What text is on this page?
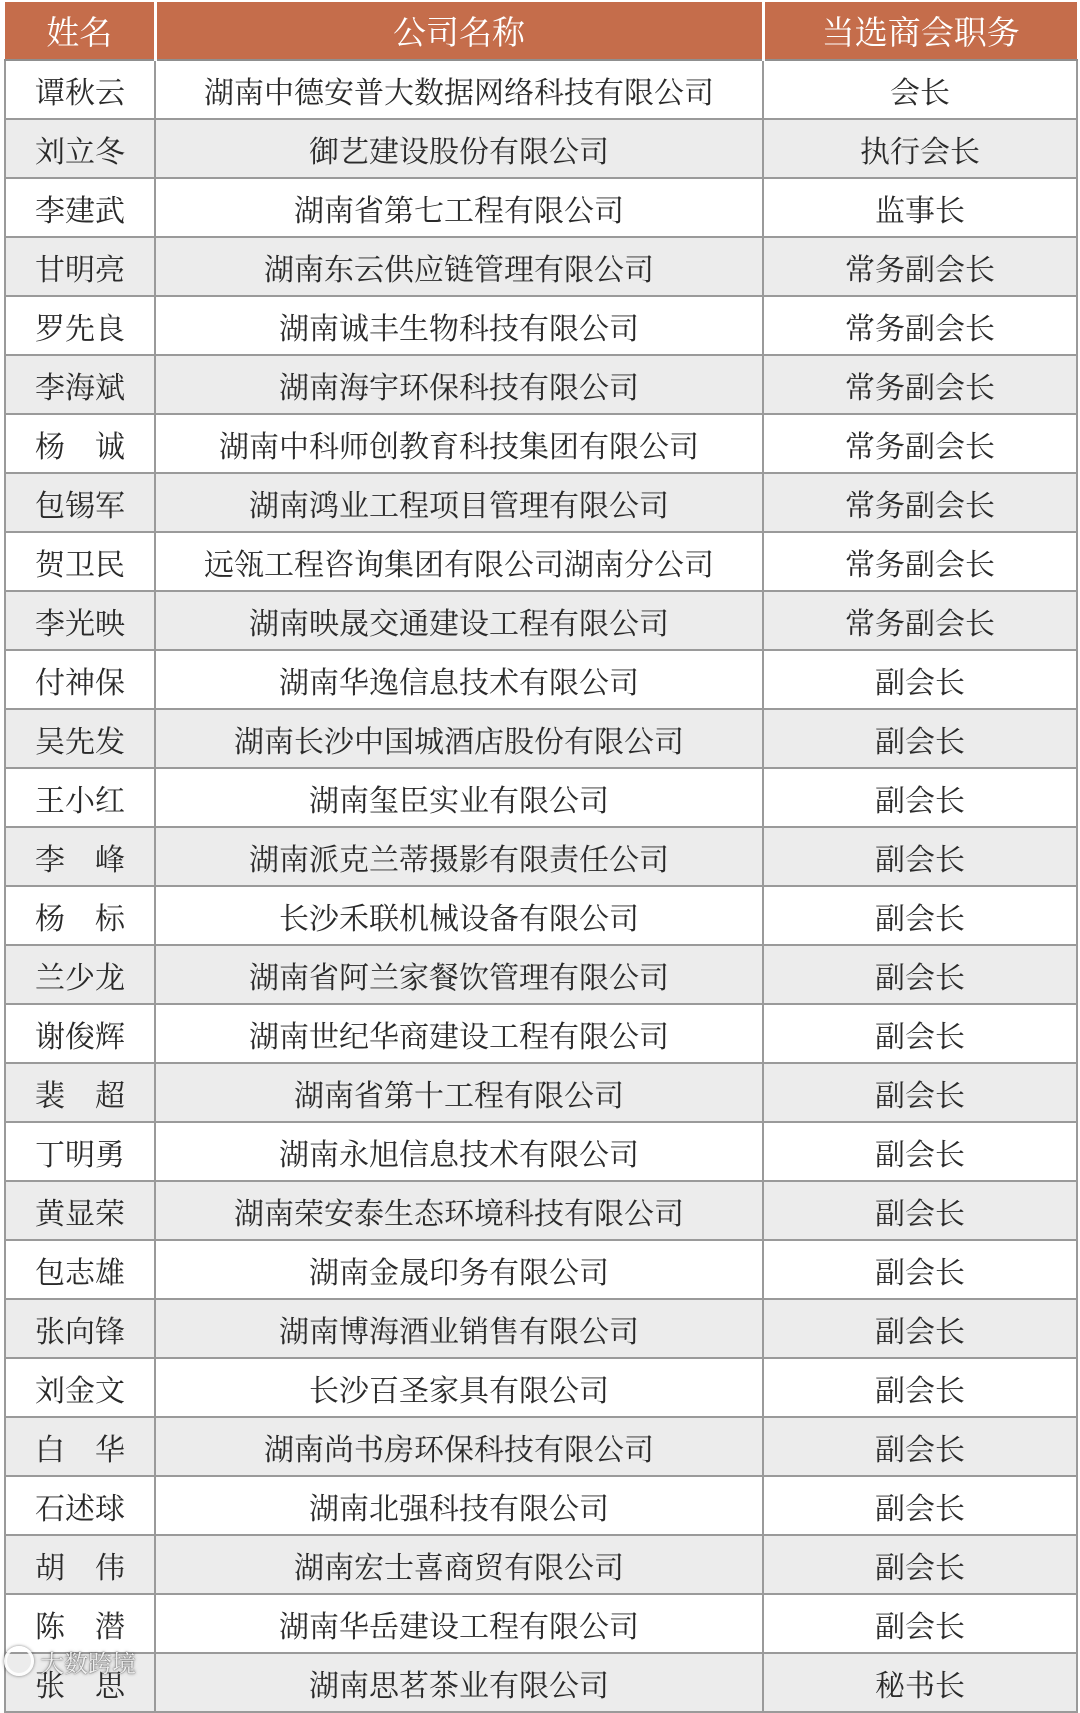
姓名	公司名称	当选商会职务
谭秋云	湖南中德安普大数据网络科技有限公司	会长
刘立冬	御艺建设股份有限公司	执行会长
李建武	湖南省第七工程有限公司	监事长
甘明亮	湖南东云供应链管理有限公司	常务副会长
罗先良	湖南诚丰生物科技有限公司	常务副会长
李海斌	湖南海宇环保科技有限公司	常务副会长
杨　诚	湖南中科师创教育科技集团有限公司	常务副会长
包锡军	湖南鸿业工程项目管理有限公司	常务副会长
贺卫民	远瓴工程咨询集团有限公司湖南分公司	常务副会长
李光映	湖南映晟交通建设工程有限公司	常务副会长
付神保	湖南华逸信息技术有限公司	副会长
吴先发	湖南长沙中国城酒店股份有限公司	副会长
王小红	湖南玺臣实业有限公司	副会长
李　峰	湖南派克兰蒂摄影有限责任公司	副会长
杨　标	长沙禾联机械设备有限公司	副会长
兰少龙	湖南省阿兰家餐饮管理有限公司	副会长
谢俊辉	湖南世纪华商建设工程有限公司	副会长
裴　超	湖南省第十工程有限公司	副会长
丁明勇	湖南永旭信息技术有限公司	副会长
黄显荣	湖南荣安泰生态环境科技有限公司	副会长
包志雄	湖南金晟印务有限公司	副会长
张向锋	湖南博海酒业销售有限公司	副会长
刘金文	长沙百圣家具有限公司	副会长
白　华	湖南尚书房环保科技有限公司	副会长
石述球	湖南北强科技有限公司	副会长
胡　伟	湖南宏士喜商贸有限公司	副会长
陈　潜	湖南华岳建设工程有限公司	副会长
张　思	湖南思茗茶业有限公司	秘书长
大数跨境
